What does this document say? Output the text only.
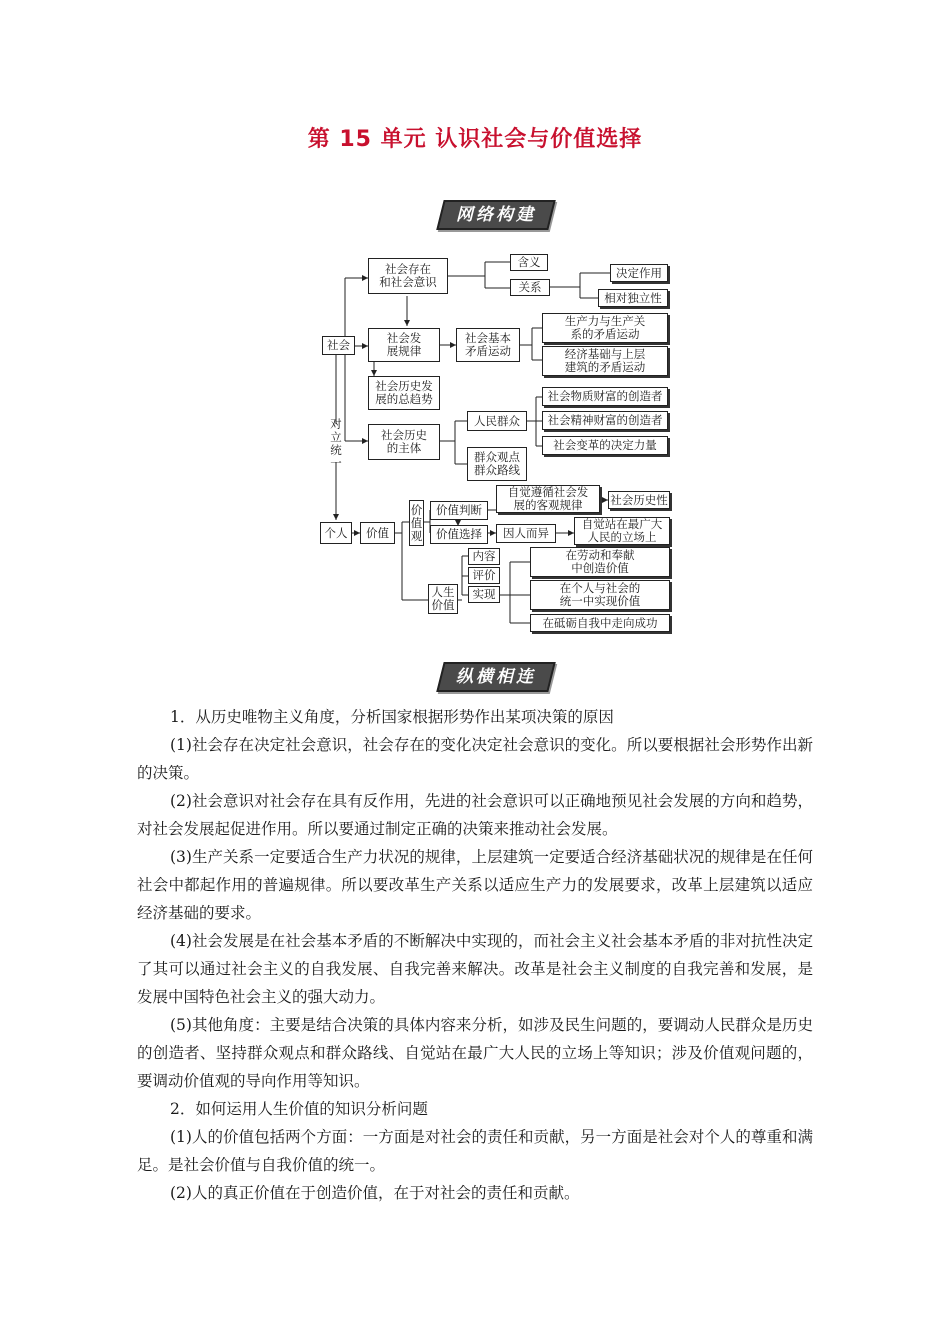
第 15 单元 认识社会与价值选择
网络构建
社会存在
和社会意识
含义
关系
决定作用
相对独立性
社会	社会发
展规律
社会基本
矛盾运动
生产力与生产关
系的矛盾运动
经济基础与上层
建筑的矛盾运动
社会历史发
展的总趋势
社会历史
的主体
人民群众
社会物质财富的创造者
社会精神财富的创造者
社会变革的决定力量
群众观点
群众路线
对
立
统
一
个人	价值
价
值
观
价值判断
价值选择
自觉遵循社会发
展的客观规律	社会历史性
因人而异
自觉站在最广大
人民的立场上
人生
价值
内容
评价
实现
在劳动和奉献
中创造价值
在个人与社会的
统一中实现价值
在砥砺自我中走向成功
纵横相连
1．从历史唯物主义角度，分析国家根据形势作出某项决策的原因
(1)社会存在决定社会意识，社会存在的变化决定社会意识的变化。所以要根据社会形势作出新的决策。
(2)社会意识对社会存在具有反作用，先进的社会意识可以正确地预见社会发展的方向和趋势，对社会发展起促进作用。所以要通过制定正确的决策来推动社会发展。
(3)生产关系一定要适合生产力状况的规律，上层建筑一定要适合经济基础状况的规律是在任何社会中都起作用的普遍规律。所以要改革生产关系以适应生产力的发展要求，改革上层建筑以适应经济基础的要求。
(4)社会发展是在社会基本矛盾的不断解决中实现的，而社会主义社会基本矛盾的非对抗性决定了其可以通过社会主义的自我发展、自我完善来解决。改革是社会主义制度的自我完善和发展，是发展中国特色社会主义的强大动力。
(5)其他角度：主要是结合决策的具体内容来分析，如涉及民生问题的，要调动人民群众是历史的创造者、坚持群众观点和群众路线、自觉站在最广大人民的立场上等知识；涉及价值观问题的，要调动价值观的导向作用等知识。
2．如何运用人生价值的知识分析问题
(1)人的价值包括两个方面：一方面是对社会的责任和贡献，另一方面是社会对个人的尊重和满足。是社会价值与自我价值的统一。
(2)人的真正价值在于创造价值，在于对社会的责任和贡献。
